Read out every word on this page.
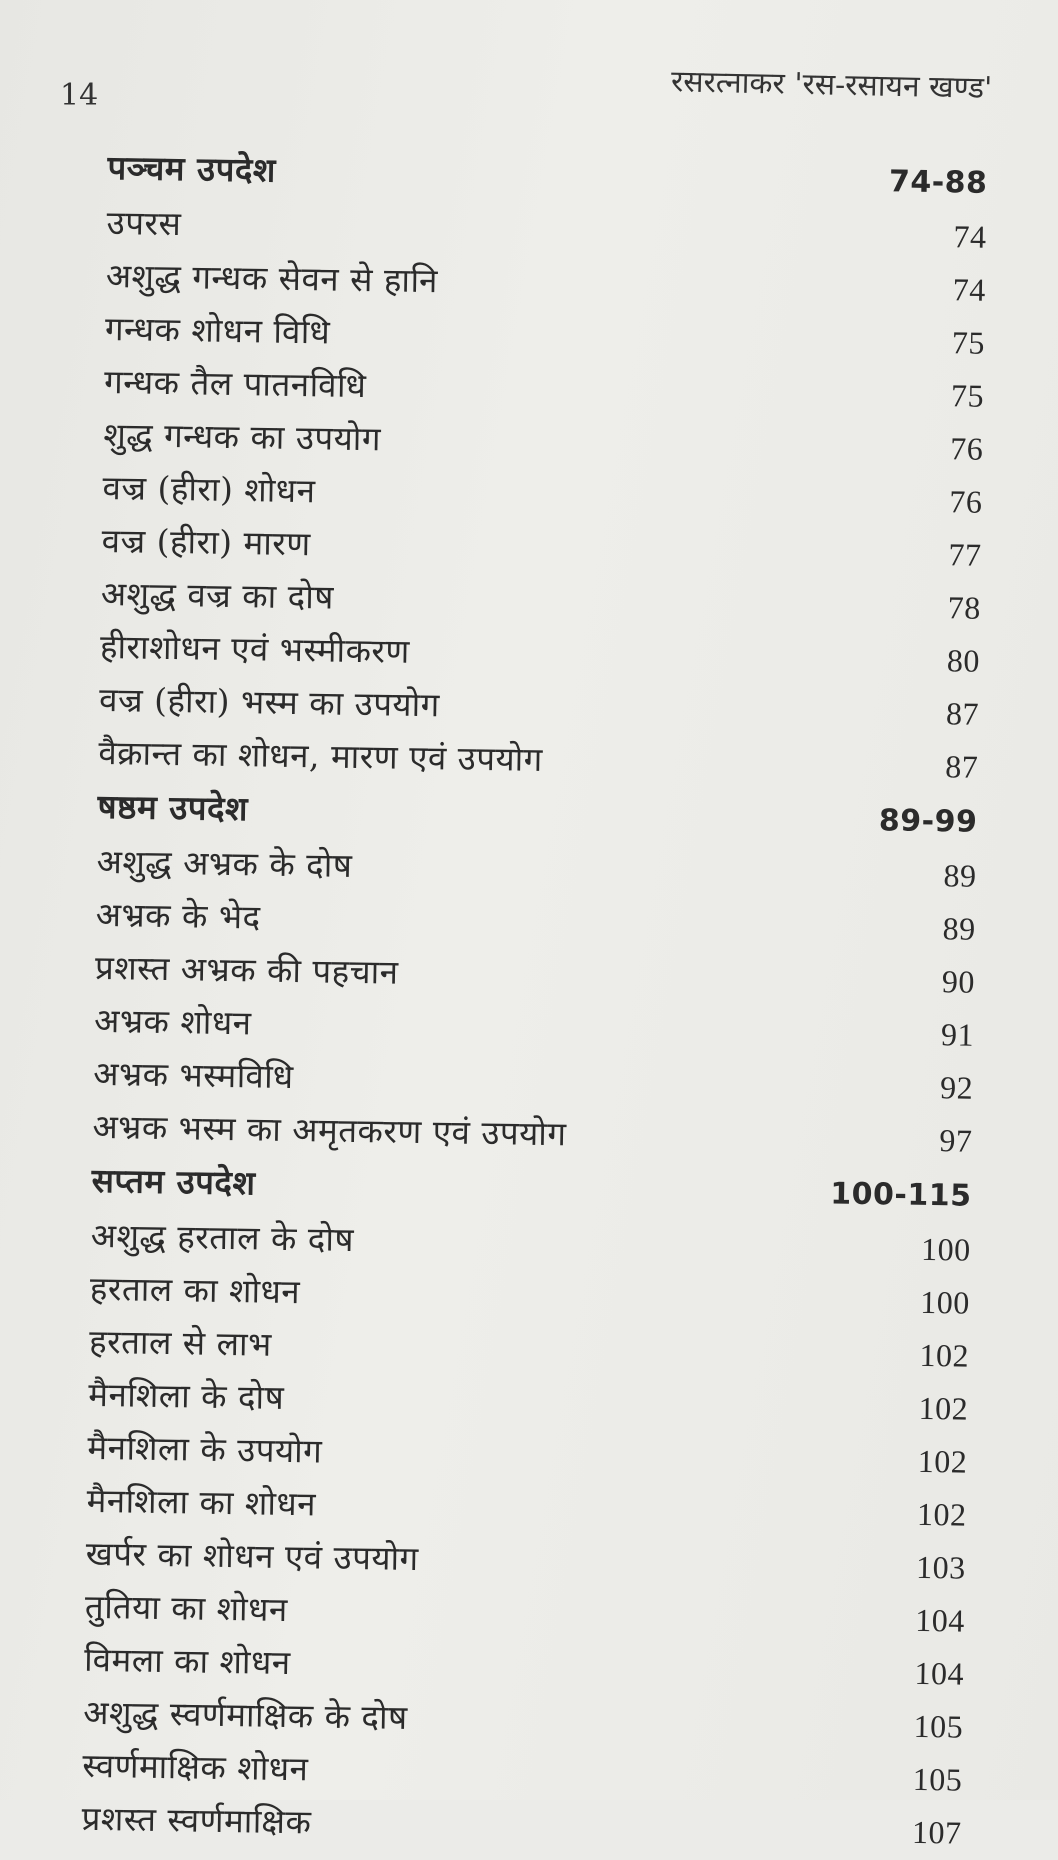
14	रसरत्नाकर 'रस-रसायन खण्ड'
पञ्चम उपदेश	74-88
उपरस	74
अशुद्ध गन्धक सेवन से हानि	74
गन्धक शोधन विधि	75
गन्धक तैल पातनविधि	75
शुद्ध गन्धक का उपयोग	76
वज्र (हीरा) शोधन	76
वज्र (हीरा) मारण	77
अशुद्ध वज्र का दोष	78
हीराशोधन एवं भस्मीकरण	80
वज्र (हीरा) भस्म का उपयोग	87
वैक्रान्त का शोधन, मारण एवं उपयोग	87
षष्ठम उपदेश	89-99
अशुद्ध अभ्रक के दोष	89
अभ्रक के भेद	89
प्रशस्त अभ्रक की पहचान	90
अभ्रक शोधन	91
अभ्रक भस्मविधि	92
अभ्रक भस्म का अमृतकरण एवं उपयोग	97
सप्तम उपदेश	100-115
अशुद्ध हरताल के दोष	100
हरताल का शोधन	100
हरताल से लाभ	102
मैनशिला के दोष	102
मैनशिला के उपयोग	102
मैनशिला का शोधन	102
खर्पर का शोधन एवं उपयोग	103
तुतिया का शोधन	104
विमला का शोधन	104
अशुद्ध स्वर्णमाक्षिक के दोष	105
स्वर्णमाक्षिक शोधन	105
प्रशस्त स्वर्णमाक्षिक	107
